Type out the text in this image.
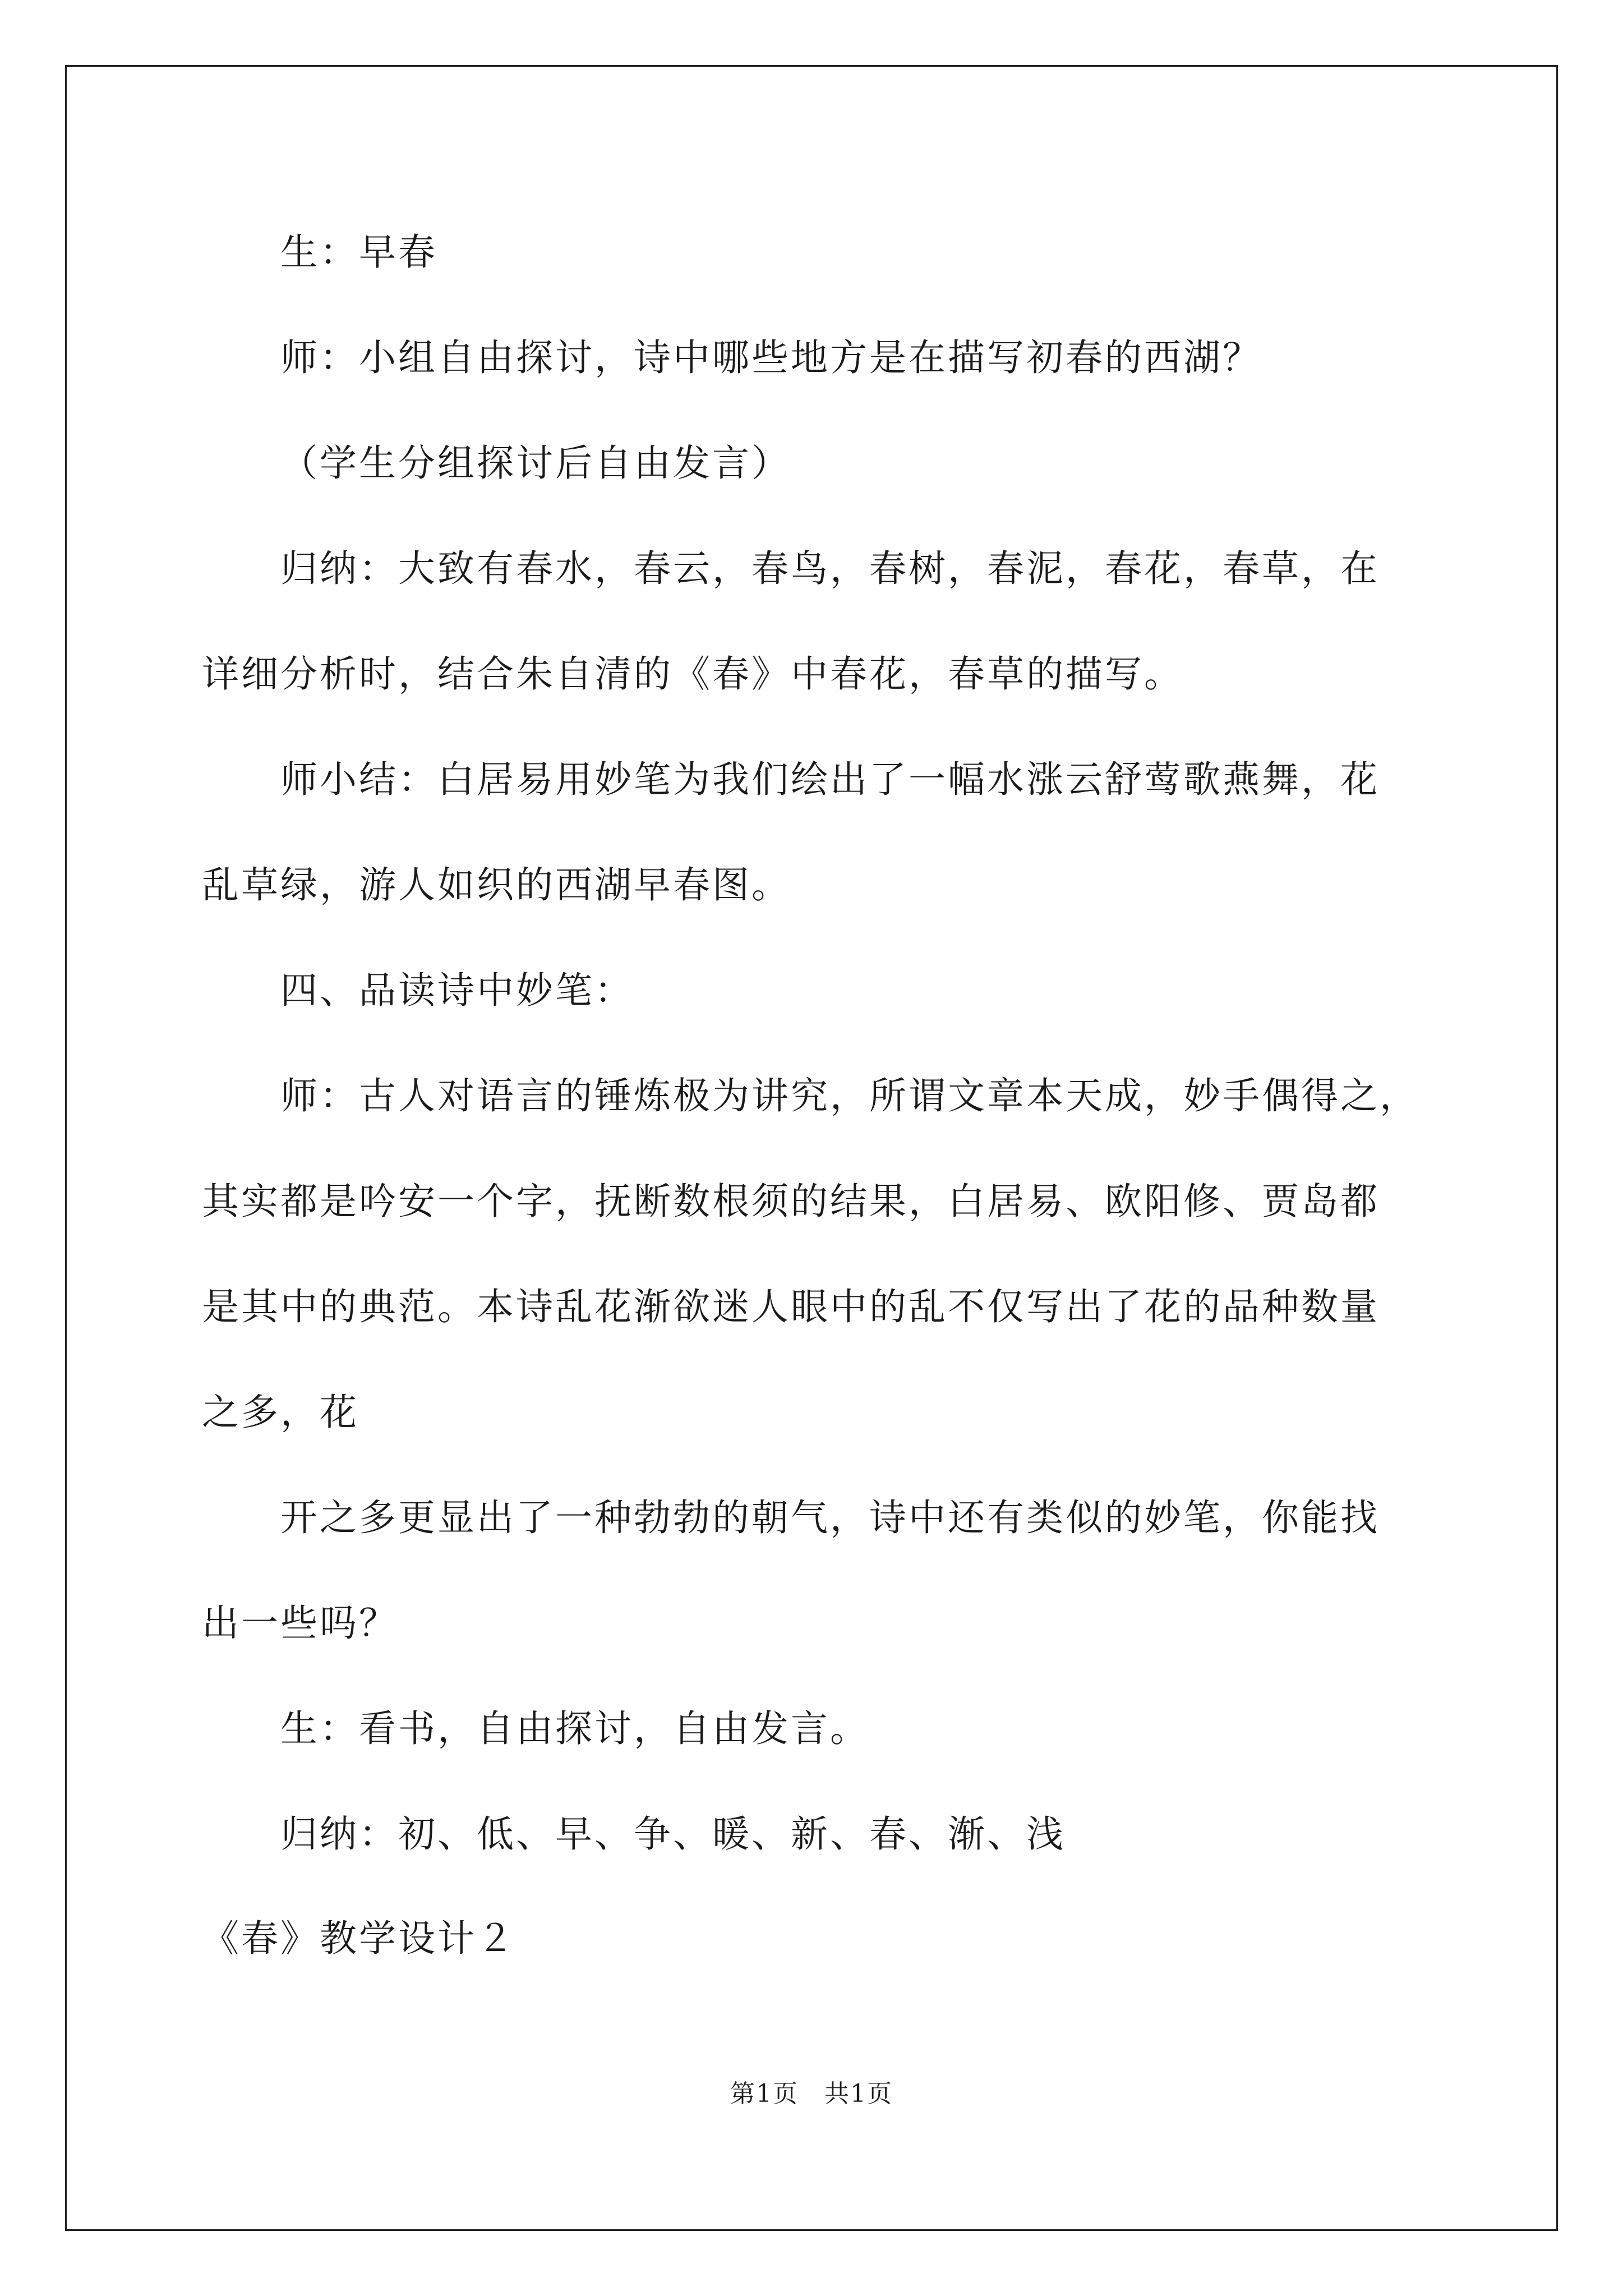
生：早春
师：小组自由探讨，诗中哪些地方是在描写初春的西湖？
（学生分组探讨后自由发言）
归纳：大致有春水，春云，春鸟，春树，春泥，春花，春草，在
详细分析时，结合朱自清的《春》中春花，春草的描写。
师小结：白居易用妙笔为我们绘出了一幅水涨云舒莺歌燕舞，花
乱草绿，游人如织的西湖早春图。
四、品读诗中妙笔：
师：古人对语言的锤炼极为讲究，所谓文章本天成，妙手偶得之，
其实都是吟安一个字，抚断数根须的结果，白居易、欧阳修、贾岛都
是其中的典范。本诗乱花渐欲迷人眼中的乱不仅写出了花的品种数量
之多，花
开之多更显出了一种勃勃的朝气，诗中还有类似的妙笔，你能找
出一些吗？
生：看书，自由探讨，自由发言。
归纳：初、低、早、争、暖、新、春、渐、浅
《春》教学设计２
第1页　共1页
